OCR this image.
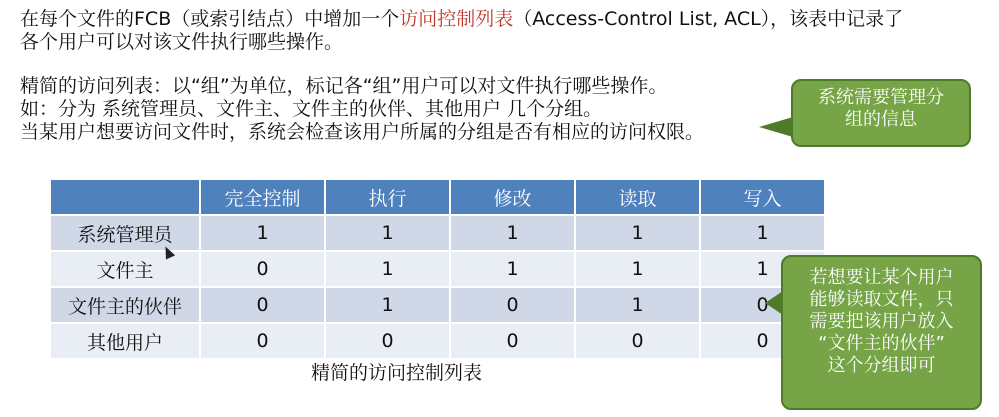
在每个文件的FCB（或索引结点）中增加一个访问控制列表（Access-Control List, ACL），该表中记录了各个用户可以对该文件执行哪些操作。

精简的访问列表：以“组”为单位，标记各“组”用户可以对文件执行哪些操作。
如：分为 系统管理员、文件主、文件主的伙伴、其他用户 几个分组。
当某用户想要访问文件时，系统会检查该用户所属的分组是否有相应的访问权限。
系统需要管理分
组的信息
	完全控制	执行	修改	读取	写入
系统管理员	1	1	1	1	1
文件主	0	1	1	1	1
文件主的伙伴	0	1	0	1	0
其他用户	0	0	0	0	0
精简的访问控制列表
若想要让某个用户
能够读取文件，只
需要把该用户放入
“文件主的伙伴”
这个分组即可
